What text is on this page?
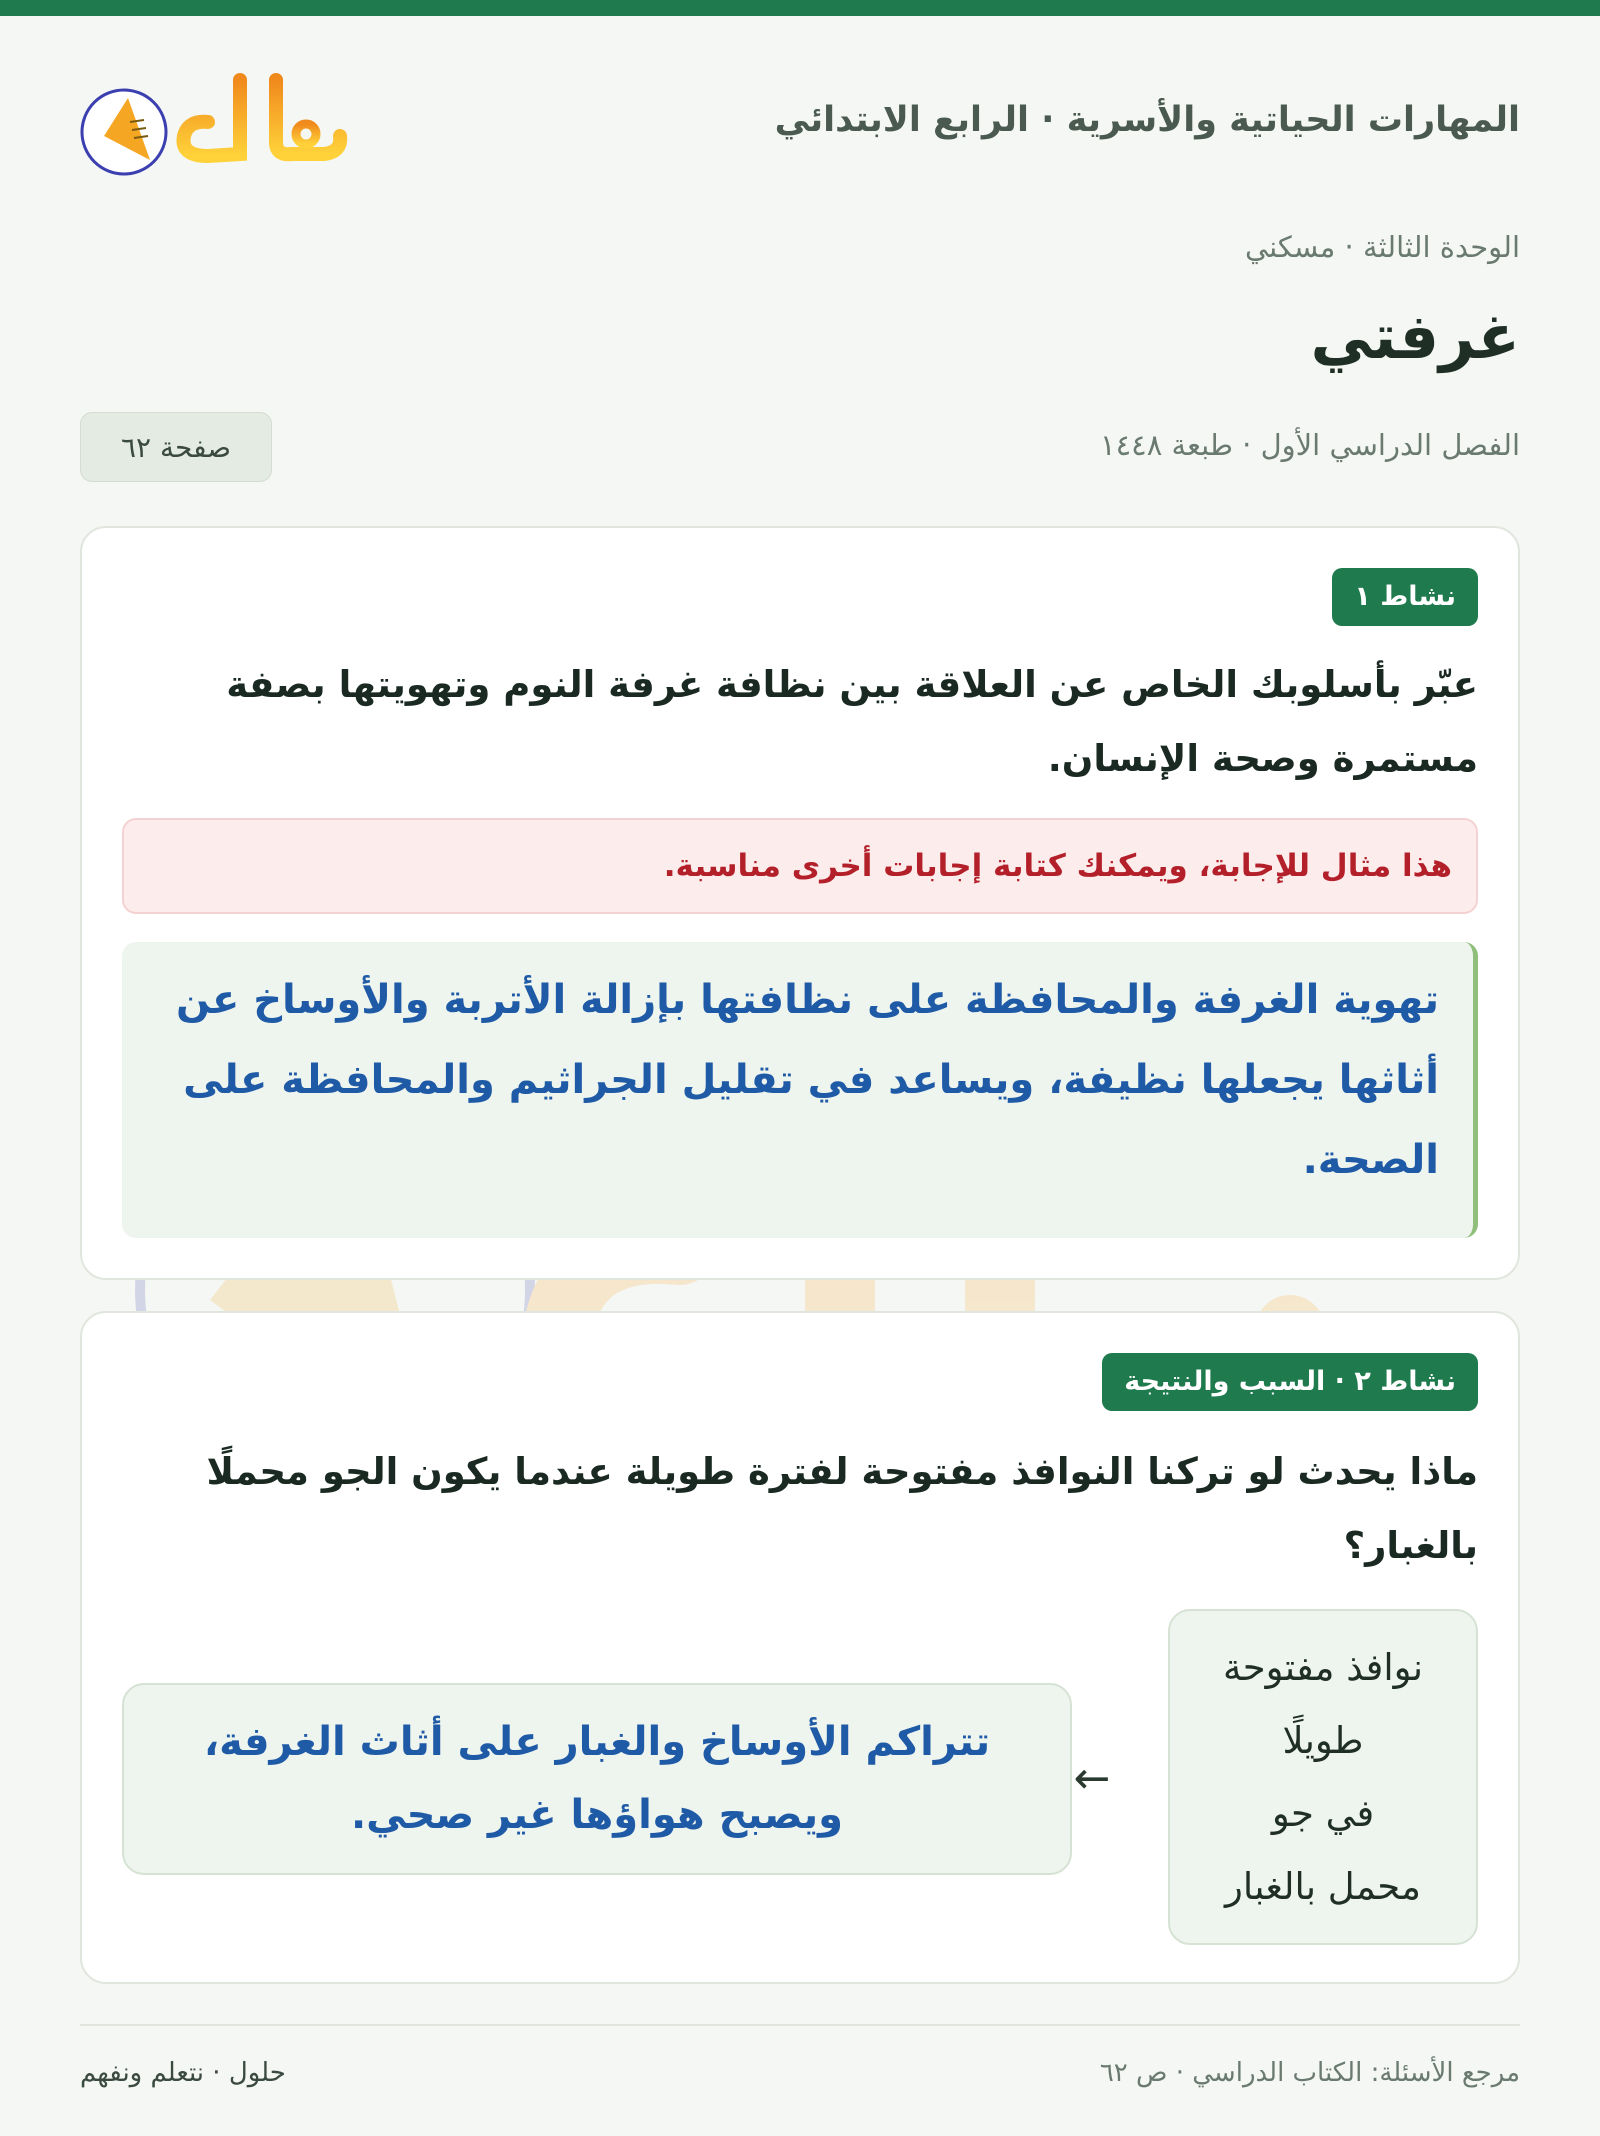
المهارات الحياتية والأسرية · الرابع الابتدائي
الوحدة الثالثة · مسكني
غرفتي
الفصل الدراسي الأول · طبعة ١٤٤٨
صفحة ٦٢
نشاط ١
عبّر بأسلوبك الخاص عن العلاقة بين نظافة غرفة النوم وتهويتها بصفة مستمرة وصحة الإنسان.
هذا مثال للإجابة، ويمكنك كتابة إجابات أخرى مناسبة.
تهوية الغرفة والمحافظة على نظافتها بإزالة الأتربة والأوساخ عن أثاثها يجعلها نظيفة، ويساعد في تقليل الجراثيم والمحافظة على الصحة.
نشاط ٢ · السبب والنتيجة
ماذا يحدث لو تركنا النوافذ مفتوحة لفترة طويلة عندما يكون الجو محملًا بالغبار؟
نوافذ مفتوحة
طويلًا
في جو
محمل بالغبار
←
تتراكم الأوساخ والغبار على أثاث الغرفة،
ويصبح هواؤها غير صحي.
مرجع الأسئلة: الكتاب الدراسي · ص ٦٢
حلول · نتعلم ونفهم
